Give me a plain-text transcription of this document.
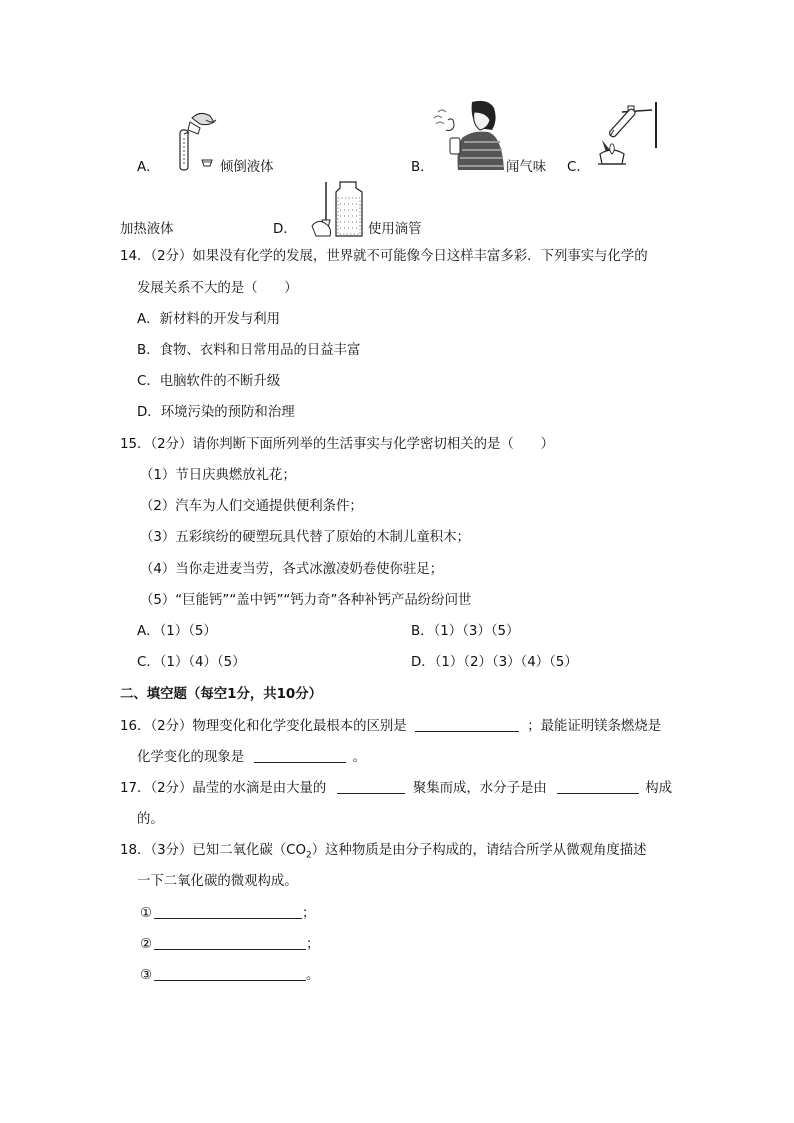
A．	倾倒液体	B．	闻气味 C．
加热液体	D．	使用滴管
14．（2分）如果没有化学的发展，世界就不可能像今日这样丰富多彩．下列事实与化学的
发展关系不大的是（　　）
A．新材料的开发与利用
B．食物、衣料和日常用品的日益丰富
C．电脑软件的不断升级
D．环境污染的预防和治理
15．（2分）请你判断下面所列举的生活事实与化学密切相关的是（　　）
（1）节日庆典燃放礼花；
（2）汽车为人们交通提供便利条件；
（3）五彩缤纷的硬塑玩具代替了原始的木制儿童积木；
（4）当你走进麦当劳，各式冰激凌奶卷使你驻足；
（5）“巨能钙”“盖中钙”“钙力奇”各种补钙产品纷纷问世
A．（1）（5）	B．（1）（3）（5）
C．（1）（4）（5）	D．（1）（2）（3）（4）（5）
二、填空题（每空1分，共10分）
16．（2分）物理变化和化学变化最根本的区别是	；最能证明镁条燃烧是
化学变化的现象是	。
17．（2分）晶莹的水滴是由大量的	聚集而成，水分子是由	构成
的。
18．（3分）已知二氧化碳$(CO_2)$这种物质是由分子构成的，请结合所学从微观角度描述
一下二氧化碳的微观构成。
①	；
②	；
③	。
